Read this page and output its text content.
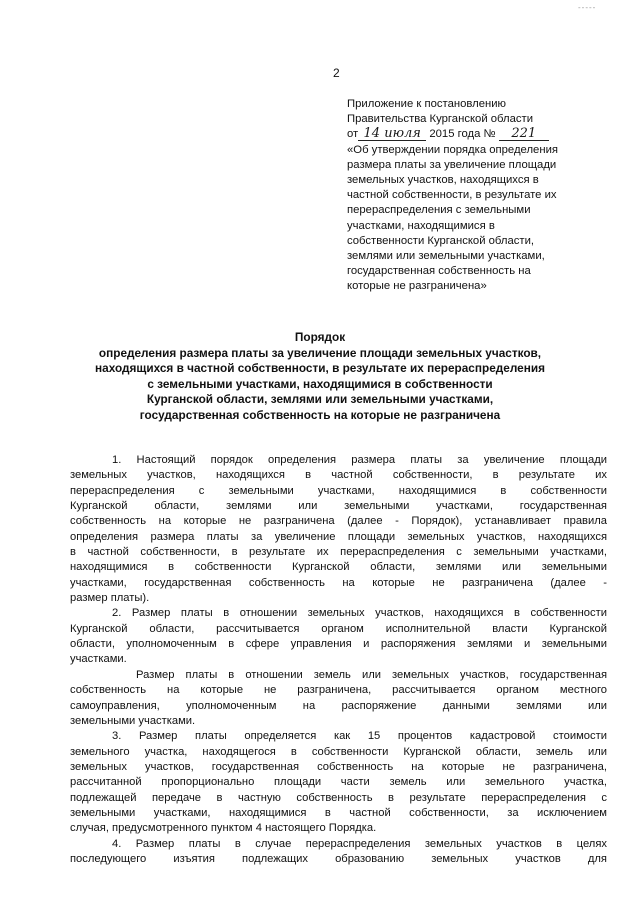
-----
2
Приложение к постановлению
Правительства Курганской области
от 14 июля 2015 года № 221
«Об утверждении порядка определения
размера платы за увеличение площади
земельных участков, находящихся в
частной собственности, в результате их
перераспределения с земельными
участками, находящимися в
собственности Курганской области,
землями или земельными участками,
государственная собственность на
которые не разграничена»
Порядок
определения размера платы за увеличение площади земельных участков,
находящихся в частной собственности, в результате их перераспределения
с земельными участками, находящимися в собственности
Курганской области, землями или земельными участками,
государственная собственность на которые не разграничена
1. Настоящий порядок определения размера платы за увеличение площади
земельных участков, находящихся в частной собственности, в результате их
перераспределения с земельными участками, находящимися в собственности
Курганской области, землями или земельными участками, государственная
собственность на которые не разграничена (далее - Порядок), устанавливает правила
определения размера платы за увеличение площади земельных участков, находящихся
в частной собственности, в результате их перераспределения с земельными участками,
находящимися в собственности Курганской области, землями или земельными
участками, государственная собственность на которые не разграничена (далее -
размер платы).
2. Размер платы в отношении земельных участков, находящихся в собственности
Курганской области, рассчитывается органом исполнительной власти Курганской
области, уполномоченным в сфере управления и распоряжения землями и земельными
участками.
Размер платы в отношении земель или земельных участков, государственная
собственность на которые не разграничена, рассчитывается органом местного
самоуправления, уполномоченным на распоряжение данными землями или
земельными участками.
3. Размер платы определяется как 15 процентов кадастровой стоимости
земельного участка, находящегося в собственности Курганской области, земель или
земельных участков, государственная собственность на которые не разграничена,
рассчитанной пропорционально площади части земель или земельного участка,
подлежащей передаче в частную собственность в результате перераспределения с
земельными участками, находящимися в частной собственности, за исключением
случая, предусмотренного пунктом 4 настоящего Порядка.
4. Размер платы в случае перераспределения земельных участков в целях
последующего изъятия подлежащих образованию земельных участков для
